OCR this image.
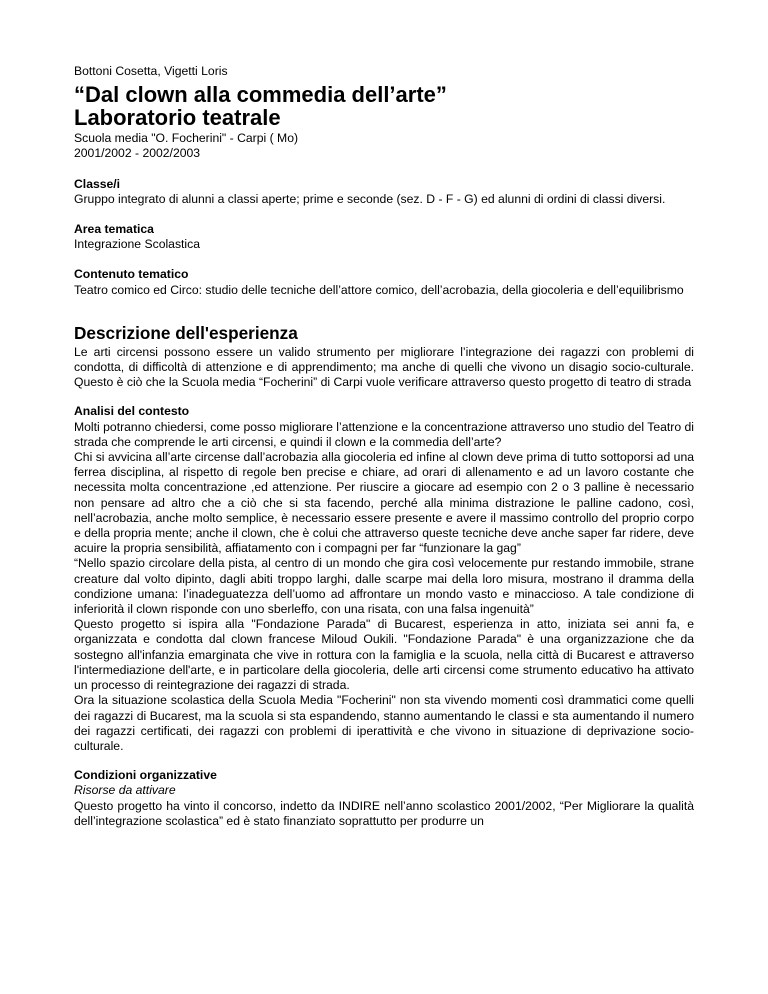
Bottoni Cosetta, Vigetti Loris
“Dal clown alla commedia dell’arte”
Laboratorio teatrale
Scuola media "O. Focherini" - Carpi ( Mo)
2001/2002 - 2002/2003
Classe/i

Gruppo integrato di alunni a classi aperte; prime e seconde (sez. D - F - G) ed alunni di ordini di classi diversi.

Area tematica

Integrazione Scolastica

Contenuto tematico

Teatro comico ed Circo: studio delle tecniche dell’attore comico, dell’acrobazia, della giocoleria e dell’equilibrismo

Descrizione dell'esperienza

Le arti circensi possono essere un valido strumento per migliorare l’integrazione dei ragazzi con problemi di condotta, di difficoltà di attenzione e di apprendimento; ma anche di quelli che vivono un disagio socio-culturale. Questo è ciò che la Scuola media “Focherini” di Carpi vuole verificare attraverso questo progetto di teatro di strada

Analisi del contesto

Molti potranno chiedersi, come posso migliorare l’attenzione e la concentrazione attraverso uno studio del Teatro di strada che comprende le arti circensi, e quindi il clown e la commedia dell’arte?

Chi si avvicina all’arte circense dall’acrobazia alla giocoleria ed infine al clown deve prima di tutto sottoporsi ad una ferrea disciplina, al rispetto di regole ben precise e chiare, ad orari di allenamento e ad un lavoro costante che necessita molta concentrazione ,ed attenzione. Per riuscire a giocare ad esempio con 2 o 3 palline è necessario non pensare ad altro che a ciò che si sta facendo, perché alla minima distrazione le palline cadono, così, nell’acrobazia, anche molto semplice, è necessario essere presente e avere il massimo controllo del proprio corpo e della propria mente; anche il clown, che è colui che attraverso queste tecniche deve anche saper far ridere, deve acuire la propria sensibilità, affiatamento con i compagni per far “funzionare la gag”

“Nello spazio circolare della pista, al centro di un mondo che gira così velocemente pur restando immobile, strane creature dal volto dipinto, dagli abiti troppo larghi, dalle scarpe mai della loro misura, mostrano il dramma della condizione umana: l’inadeguatezza dell’uomo ad affrontare un mondo vasto e minaccioso. A tale condizione di inferiorità il clown risponde con uno sberleffo, con una risata, con una falsa ingenuità”

Questo progetto si ispira alla "Fondazione Parada" di Bucarest, esperienza in atto, iniziata sei anni fa, e organizzata e condotta dal clown francese Miloud Oukili. "Fondazione Parada" è una organizzazione che da sostegno all'infanzia emarginata che vive in rottura con la famiglia e la scuola, nella città di Bucarest e attraverso l'intermediazione dell'arte, e in particolare della giocoleria, delle arti circensi come strumento educativo ha attivato un processo di reintegrazione dei ragazzi di strada.

Ora la situazione scolastica della Scuola Media "Focherini" non sta vivendo momenti così drammatici come quelli dei ragazzi di Bucarest, ma la scuola si sta espandendo, stanno aumentando le classi e sta aumentando il numero dei ragazzi certificati, dei ragazzi con problemi di iperattività e che vivono in situazione di deprivazione socio-culturale.

Condizioni organizzative
Risorse da attivare

Questo progetto ha vinto il concorso, indetto da INDIRE nell’anno scolastico 2001/2002, “Per Migliorare la qualità dell’integrazione scolastica” ed è stato finanziato soprattutto per produrre un
